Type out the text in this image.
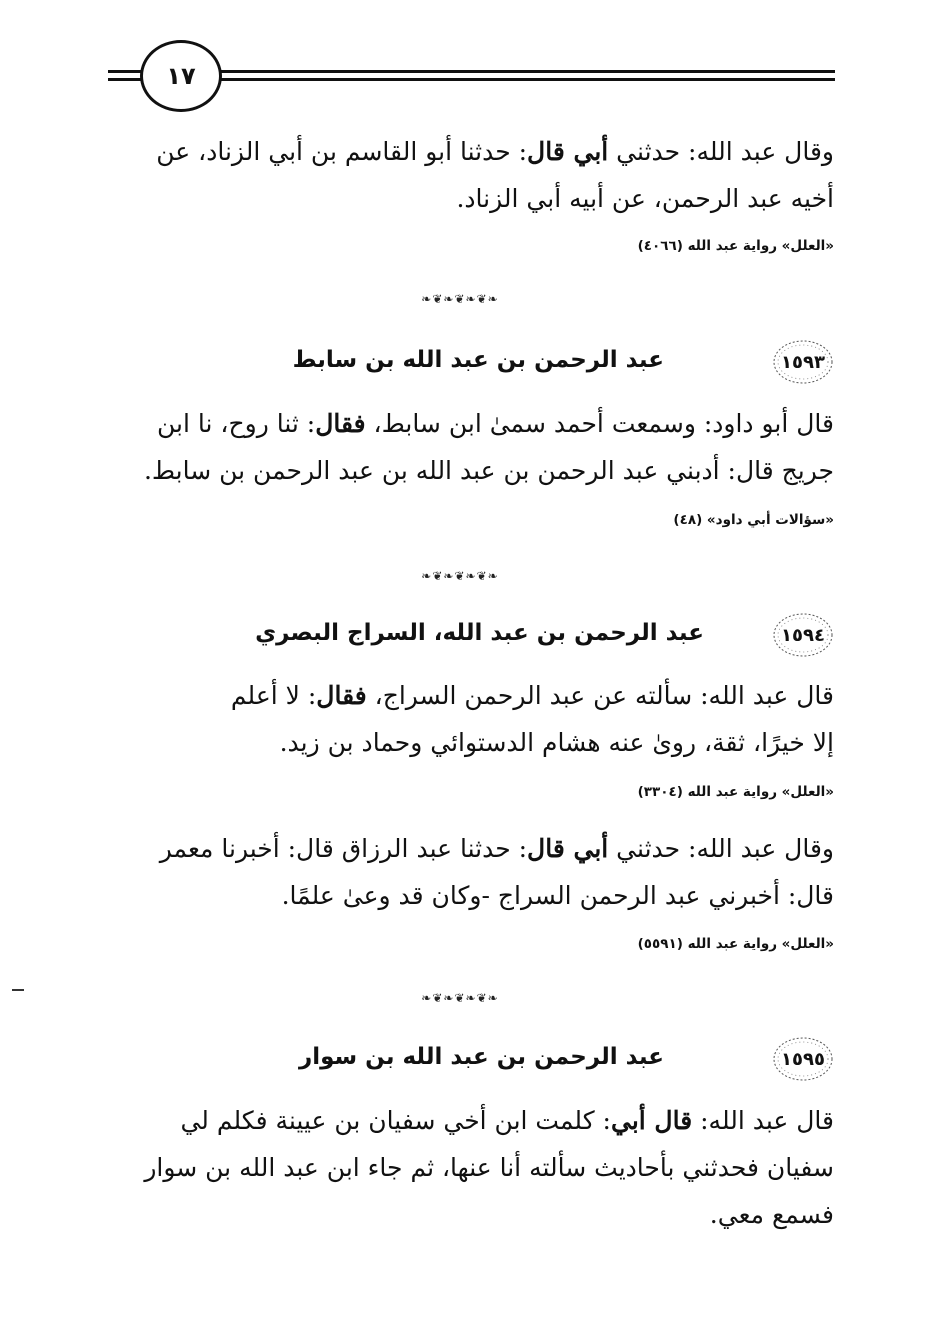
١٧
وقال عبد الله: حدثني أبي قال: حدثنا أبو القاسم بن أبي الزناد، عن
أخيه عبد الرحمن، عن أبيه أبي الزناد.
«العلل» رواية عبد الله (٤٠٦٦)
❧❦❧❦❧❦❧
١٥٩٣
عبد الرحمن بن عبد الله بن سابط
قال أبو داود: وسمعت أحمد سمىٰ ابن سابط، فقال: ثنا روح، نا ابن
جريج قال: أدبني عبد الرحمن بن عبد الله بن عبد الرحمن بن سابط.
«سؤالات أبي داود» (٤٨)
❧❦❧❦❧❦❧
١٥٩٤
عبد الرحمن بن عبد الله، السراج البصري
قال عبد الله: سألته عن عبد الرحمن السراج، فقال: لا أعلم
إلا خيرًا، ثقة، روىٰ عنه هشام الدستوائي وحماد بن زيد.
«العلل» رواية عبد الله (٣٣٠٤)
وقال عبد الله: حدثني أبي قال: حدثنا عبد الرزاق قال: أخبرنا معمر
قال: أخبرني عبد الرحمن السراج -وكان قد وعىٰ علمًا.
«العلل» رواية عبد الله (٥٥٩١)
❧❦❧❦❧❦❧
١٥٩٥
عبد الرحمن بن عبد الله بن سوار
قال عبد الله: قال أبي: كلمت ابن أخي سفيان بن عيينة فكلم لي
سفيان فحدثني بأحاديث سألته أنا عنها، ثم جاء ابن عبد الله بن سوار
فسمع معي.
